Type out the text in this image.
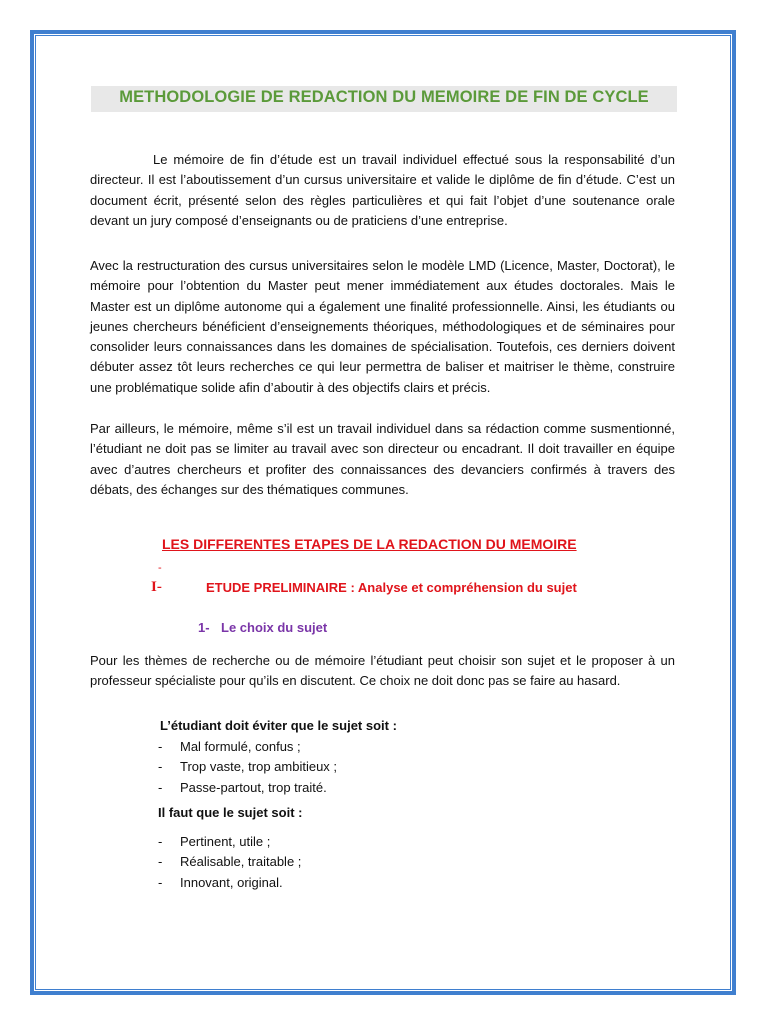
METHODOLOGIE DE REDACTION DU MEMOIRE DE FIN DE CYCLE
Le mémoire de fin d’étude est un travail individuel effectué sous la responsabilité d’un directeur. Il est l’aboutissement d’un cursus universitaire et valide le diplôme de fin d’étude. C’est un document écrit, présenté selon des règles particulières et qui fait l’objet d’une soutenance orale devant un jury composé d’enseignants ou de praticiens d’une entreprise.
Avec la restructuration des cursus universitaires selon le modèle LMD (Licence, Master, Doctorat), le mémoire pour l’obtention du Master peut mener immédiatement aux études doctorales. Mais le Master est un diplôme autonome qui a également une finalité professionnelle. Ainsi, les étudiants ou jeunes chercheurs bénéficient d’enseignements théoriques, méthodologiques et de séminaires pour consolider leurs connaissances dans les domaines de spécialisation. Toutefois, ces derniers doivent débuter assez tôt leurs recherches ce qui leur permettra de baliser et maitriser le thème, construire une problématique solide afin d’aboutir à des objectifs clairs et précis.
Par ailleurs, le mémoire, même s’il est un travail individuel dans sa rédaction comme susmentionné, l’étudiant ne doit pas se limiter au travail avec son directeur ou encadrant. Il doit travailler en équipe avec d’autres chercheurs et profiter des connaissances des devanciers confirmés à travers des débats, des échanges sur des thématiques communes.
LES DIFFERENTES ETAPES DE LA REDACTION DU MEMOIRE
-
I-	ETUDE PRELIMINAIRE : Analyse et compréhension du sujet
1- Le choix du sujet
Pour les thèmes de recherche ou de mémoire l’étudiant peut choisir son sujet et le proposer à un professeur spécialiste pour qu’ils en discutent. Ce choix ne doit donc pas se faire au hasard.
L’étudiant doit éviter que le sujet soit :
- Mal formulé, confus ;
- Trop vaste, trop ambitieux ;
- Passe-partout, trop traité.
Il faut que le sujet soit :
- Pertinent, utile ;
- Réalisable, traitable ;
- Innovant, original.
